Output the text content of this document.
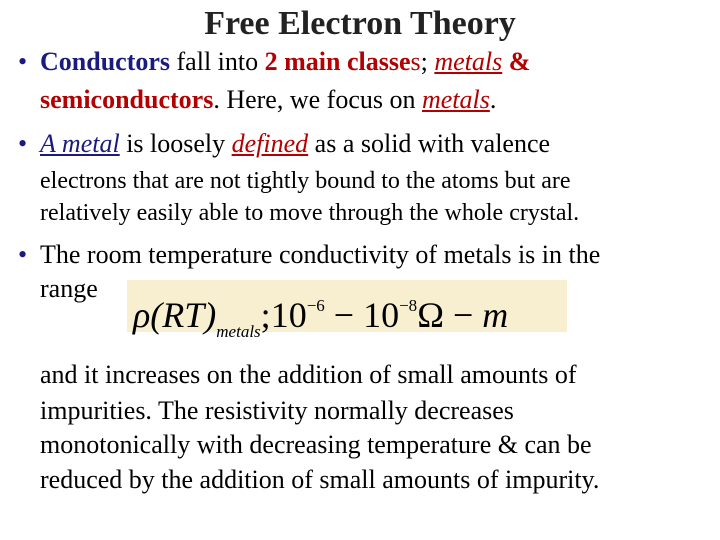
Free Electron Theory
• Conductors fall into 2 main classes; metals &
semiconductors. Here, we focus on metals.
• A metal is loosely defined as a solid with valence
electrons that are not tightly bound to the atoms but are
relatively easily able to move through the whole crystal.
• The room temperature conductivity of metals is in the
range
$\rho(RT)_{metals};10^{-6} - 10^{-8}\Omega - m$
and it increases on the addition of small amounts of
impurities. The resistivity normally decreases
monotonically with decreasing temperature & can be
reduced by the addition of small amounts of impurity.
